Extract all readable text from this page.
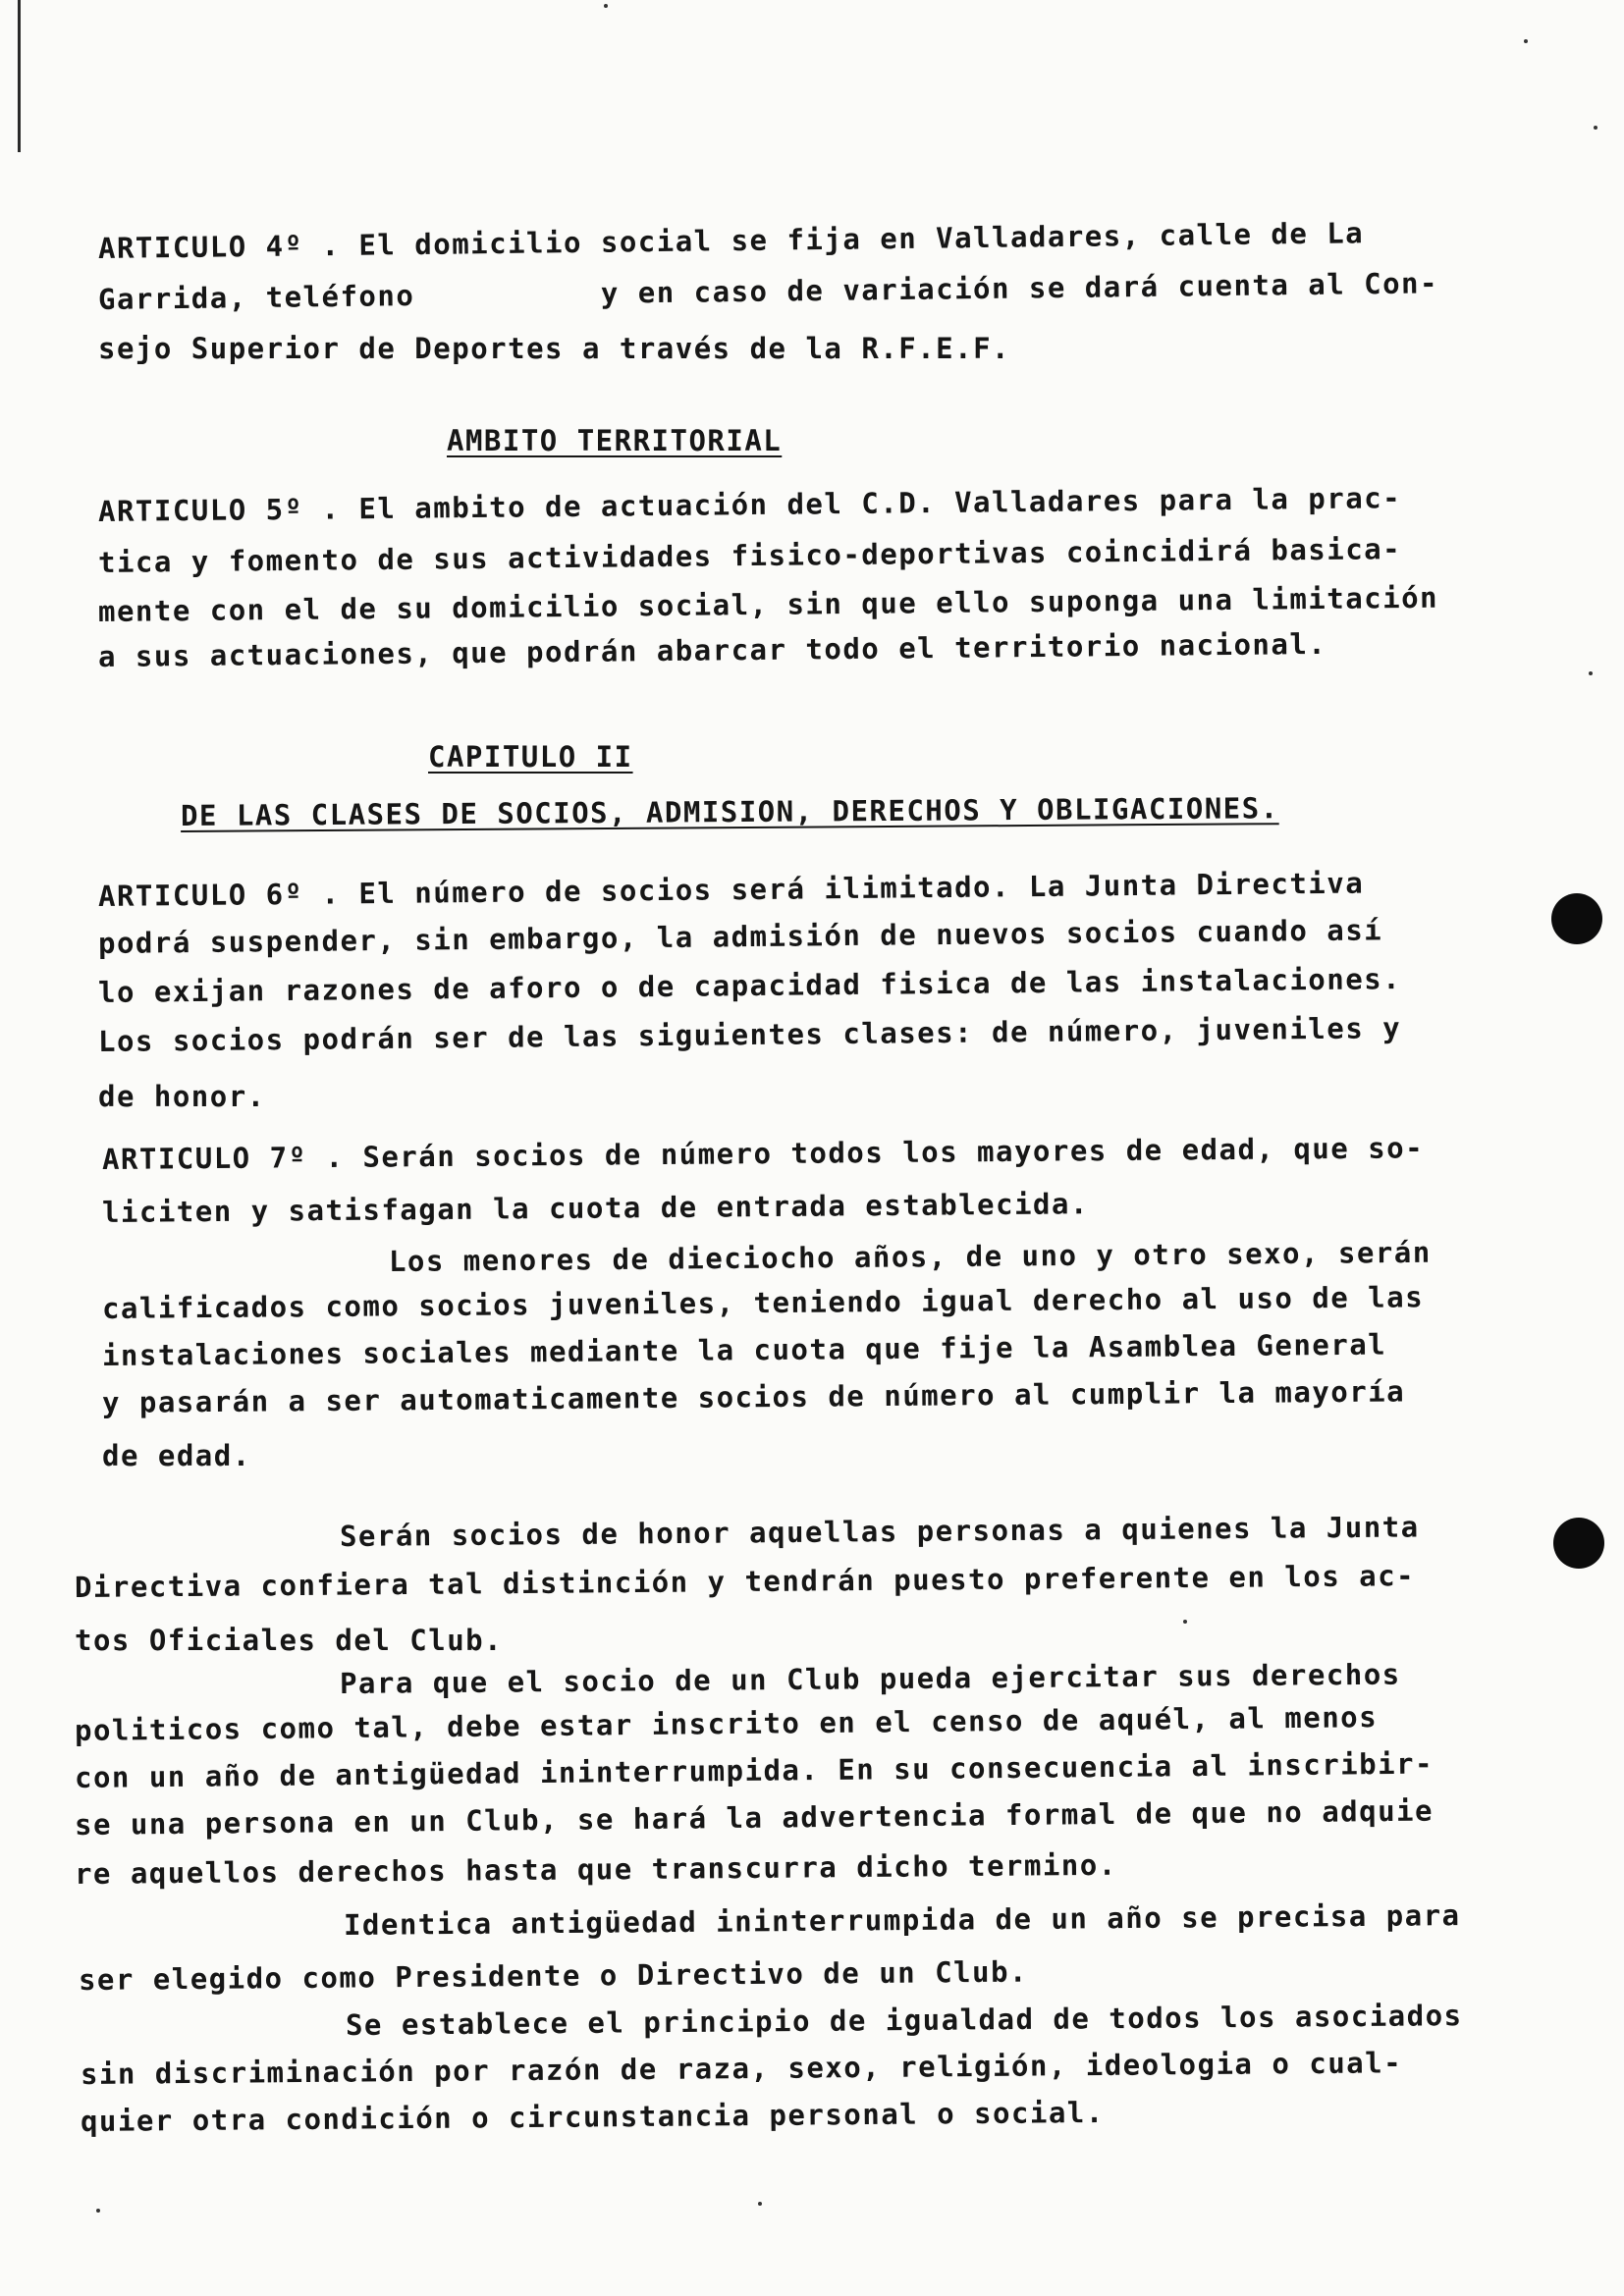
ARTICULO 4º . El domicilio social se fija en Valladares, calle de La
Garrida, teléfono          y en caso de variación se dará cuenta al Con-
sejo Superior de Deportes a través de la R.F.E.F.
AMBITO TERRITORIAL
ARTICULO 5º . El ambito de actuación del C.D. Valladares para la prac-
tica y fomento de sus actividades fisico-deportivas coincidirá basica-
mente con el de su domicilio social, sin que ello suponga una limitación
a sus actuaciones, que podrán abarcar todo el territorio nacional.
CAPITULO II
DE LAS CLASES DE SOCIOS, ADMISION, DERECHOS Y OBLIGACIONES.
ARTICULO 6º . El número de socios será ilimitado. La Junta Directiva
podrá suspender, sin embargo, la admisión de nuevos socios cuando así
lo exijan razones de aforo o de capacidad fisica de las instalaciones.
Los socios podrán ser de las siguientes clases: de número, juveniles y
de honor.
ARTICULO 7º . Serán socios de número todos los mayores de edad, que so-
liciten y satisfagan la cuota de entrada establecida.
Los menores de dieciocho años, de uno y otro sexo, serán
calificados como socios juveniles, teniendo igual derecho al uso de las
instalaciones sociales mediante la cuota que fije la Asamblea General
y pasarán a ser automaticamente socios de número al cumplir la mayoría
de edad.
Serán socios de honor aquellas personas a quienes la Junta
Directiva confiera tal distinción y tendrán puesto preferente en los ac-
tos Oficiales del Club.
Para que el socio de un Club pueda ejercitar sus derechos
politicos como tal, debe estar inscrito en el censo de aquél, al menos
con un año de antigüedad ininterrumpida. En su consecuencia al inscribir-
se una persona en un Club, se hará la advertencia formal de que no adquie
re aquellos derechos hasta que transcurra dicho termino.
Identica antigüedad ininterrumpida de un año se precisa para
ser elegido como Presidente o Directivo de un Club.
Se establece el principio de igualdad de todos los asociados
sin discriminación por razón de raza, sexo, religión, ideologia o cual-
quier otra condición o circunstancia personal o social.
